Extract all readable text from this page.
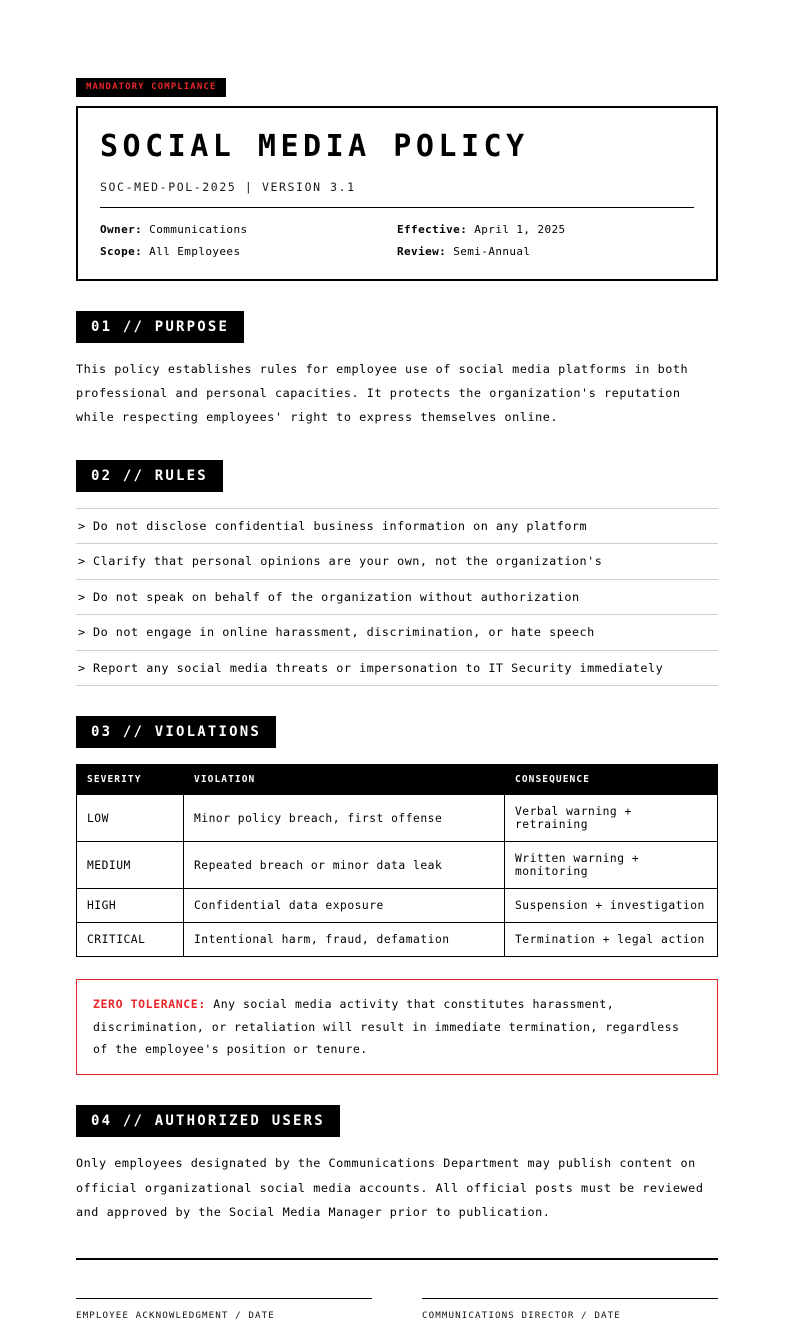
MANDATORY COMPLIANCE
SOCIAL MEDIA POLICY
SOC-MED-POL-2025 | VERSION 3.1
Owner: Communications	Effective: April 1, 2025
Scope: All Employees	Review: Semi-Annual
01 // PURPOSE
This policy establishes rules for employee use of social media platforms in both professional and personal capacities. It protects the organization's reputation while respecting employees' right to express themselves online.
02 // RULES
> Do not disclose confidential business information on any platform
> Clarify that personal opinions are your own, not the organization's
> Do not speak on behalf of the organization without authorization
> Do not engage in online harassment, discrimination, or hate speech
> Report any social media threats or impersonation to IT Security immediately
03 // VIOLATIONS
SEVERITY	VIOLATION	CONSEQUENCE
LOW	Minor policy breach, first offense	Verbal warning + retraining
MEDIUM	Repeated breach or minor data leak	Written warning + monitoring
HIGH	Confidential data exposure	Suspension + investigation
CRITICAL	Intentional harm, fraud, defamation	Termination + legal action
ZERO TOLERANCE: Any social media activity that constitutes harassment, discrimination, or retaliation will result in immediate termination, regardless of the employee's position or tenure.
04 // AUTHORIZED USERS
Only employees designated by the Communications Department may publish content on official organizational social media accounts. All official posts must be reviewed and approved by the Social Media Manager prior to publication.
EMPLOYEE ACKNOWLEDGMENT / DATE	COMMUNICATIONS DIRECTOR / DATE
